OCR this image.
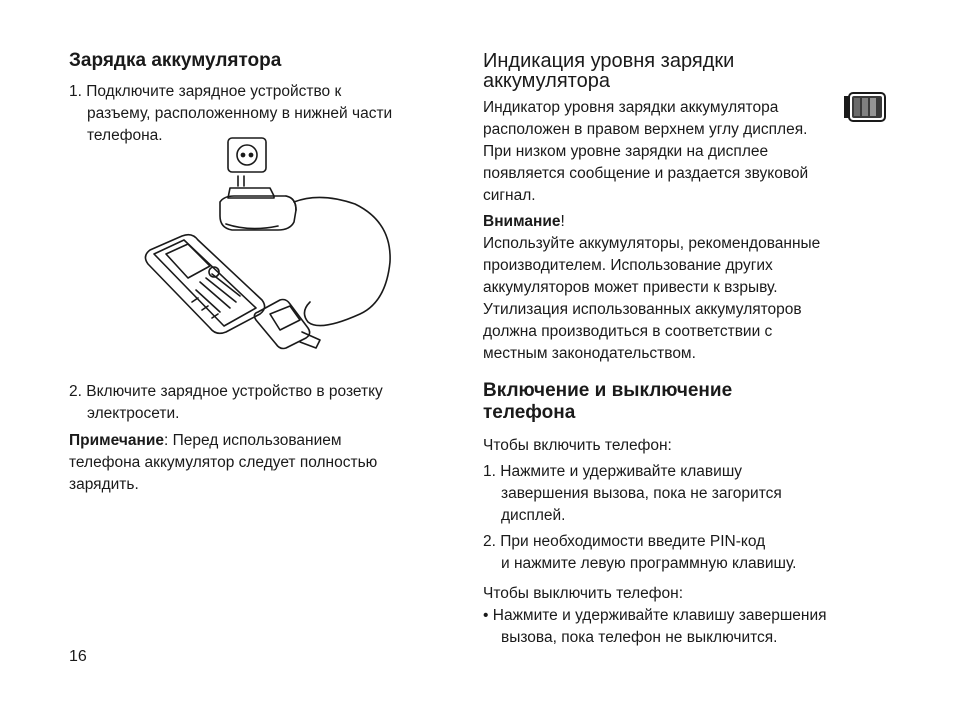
Зарядка аккумулятора
1. Подключите зарядное устройство к
разъему, расположенному в нижней части
телефона.
2. Включите зарядное устройство в розетку
электросети.
Примечание: Перед использованием
телефона аккумулятор следует полностью
зарядить.
16
Индикация уровня зарядки
аккумулятора
Индикатор уровня зарядки аккумулятора
расположен в правом верхнем углу дисплея.
При низком уровне зарядки на дисплее
появляется сообщение и раздается звуковой
сигнал.
Внимание!
Используйте аккумуляторы, рекомендованные
производителем. Использование других
аккумуляторов может привести к взрыву.
Утилизация использованных аккумуляторов
должна производиться в соответствии с
местным законодательством.
Включение и выключение
телефона
Чтобы включить телефон:
1. Нажмите и удерживайте клавишу
завершения вызова, пока не загорится
дисплей.
2. При необходимости введите PIN-код
и нажмите левую программную клавишу.
Чтобы выключить телефон:
• Нажмите и удерживайте клавишу завершения
вызова, пока телефон не выключится.
